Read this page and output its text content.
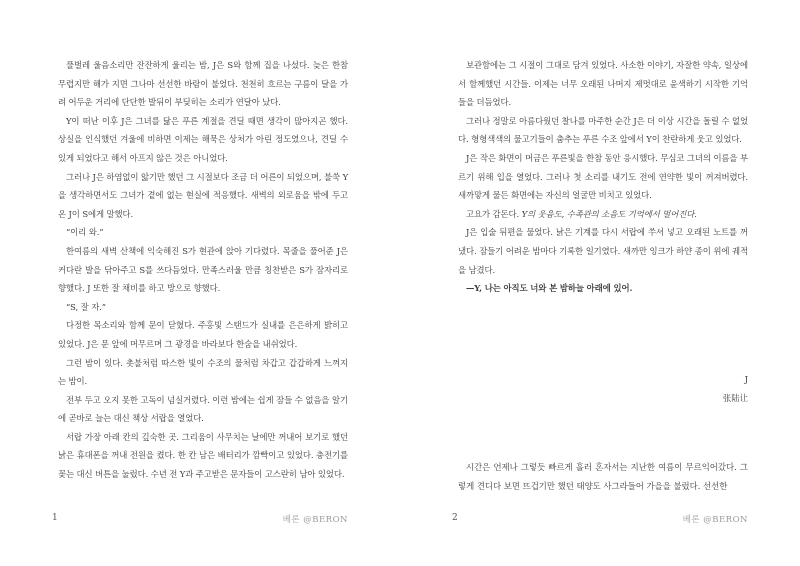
풀벌레 울음소리만 잔잔하게 울리는 밤, J은 S와 함께 집을 나섰다. 늦은 한참 무렵지만 해가 지면 그나마 선선한 바람이 불었다. 천천히 흐르는 구름이 달을 가려 어두운 거리에 단단한 발뒤이 부딪히는 소리가 연달아 났다.

Y이 떠난 이후 J은 그녀를 닮은 푸른 계절을 견딜 때면 생각이 많아지곤 했다. 상실을 인식했던 겨울에 비하면 이제는 해묵은 상처가 아린 정도였으나, 견딜 수 있게 되었다고 해서 아프지 않은 것은 아니었다.

그러나 J은 하염없이 앓기만 했던 그 시절보다 조금 더 어른이 되었으며, 불쑥 Y을 생각하면서도 그녀가 곁에 없는 현실에 적응했다. 새벽의 외로움을 밖에 두고 온 J이 S에게 말했다.

“이리 와.”

한여름의 새벽 산책에 익숙해진 S가 현관에 앉아 기다렸다. 목줄을 풀어준 J은 커다란 발을 닦아주고 S를 쓰다듬었다. 만족스러울 만큼 칭찬받은 S가 잠자리로 향했다. J 또한 잘 채비를 하고 방으로 향했다.

“S, 잘 자.”

다정한 목소리와 함께 문이 닫혔다. 주홍빛 스탠드가 실내를 은은하게 밝히고 있었다. J은 문 앞에 머무르며 그 광경을 바라보다 한숨을 내쉬었다.

그런 밤이 있다. 촛불처럼 따스한 빛이 수조의 물처럼 차갑고 갑갑하게 느껴지는 밤이.

전부 두고 오지 못한 고독이 넘실거렸다. 이런 밤에는 쉽게 잠들 수 없음을 알기에 곧바로 늘는 대신 책상 서랍을 열었다.

서랍 가장 아래 칸의 깊숙한 곳. 그리움이 사무치는 날에만 꺼내어 보기로 했던 낡은 휴대폰을 꺼내 전원을 켰다. 한 칸 남은 배터리가 깜빡이고 있었다. 충전기를 꽂는 대신 버튼을 눌렀다. 수년 전 Y과 주고받은 문자들이 고스란히 남아 있었다.

1	베론 @BERON

보관함에는 그 시절이 그대로 담겨 있었다. 사소한 이야기, 자잘한 약속, 일상에서 함께했던 시간들. 이제는 너무 오래된 나머지 제멋대로 윤색하기 시작한 기억들을 더듬었다.

그러나 정말로 아름다웠던 찰나를 마주한 순간 J은 더 이상 시간을 돌릴 수 없었다. 형형색색의 물고기들이 춤추는 푸른 수조 앞에서 Y이 찬란하게 웃고 있었다.

J은 작은 화면이 머금은 푸른빛을 한참 동안 응시했다. 무심코 그녀의 이름을 부르기 위해 입을 열었다. 그러나 첫 소리를 내기도 전에 연약한 빛이 꺼져버렸다. 새까맣게 물든 화면에는 자신의 얼굴만 비치고 있었다.

고요가 감돈다. Y의 웃음도, 수족관의 소음도 기억에서 멀어진다.

J은 입술 뒤편을 물었다. 낡은 기계를 다시 서랍에 쑤셔 넣고 오래된 노트를 꺼냈다. 잠들기 어려운 밤마다 기록한 일기였다. 새까만 잉크가 하얀 종이 위에 궤적을 남겼다.

—Y, 나는 아직도 너와 본 밤하늘 아래에 있어.

J
张陆让

시간은 언제나 그렇듯 빠르게 흘러 혼자서는 지난한 여름이 무르익어갔다. 그렇게 견디다 보면 뜨겁기만 했던 태양도 사그라들어 가을을 불렀다. 선선한

2	베론 @BERON
